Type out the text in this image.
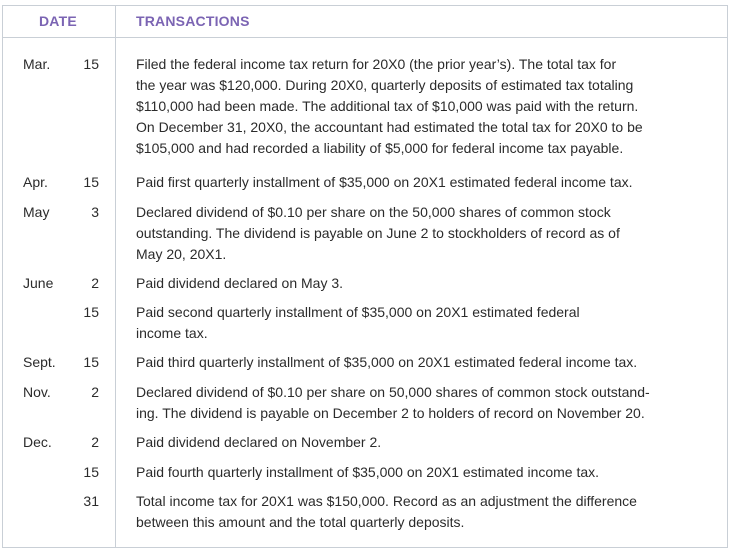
DATE	TRANSACTIONS
Mar.	15	Filed the federal income tax return for 20X0 (the prior year’s). The total tax for
the year was $120,000. During 20X0, quarterly deposits of estimated tax totaling
$110,000 had been made. The additional tax of $10,000 was paid with the return.
On December 31, 20X0, the accountant had estimated the total tax for 20X0 to be
$105,000 and had recorded a liability of $5,000 for federal income tax payable.
Apr.	15	Paid first quarterly installment of $35,000 on 20X1 estimated federal income tax.
May	3	Declared dividend of $0.10 per share on the 50,000 shares of common stock
outstanding. The dividend is payable on June 2 to stockholders of record as of
May 20, 20X1.
June	2	Paid dividend declared on May 3.
15	Paid second quarterly installment of $35,000 on 20X1 estimated federal
income tax.
Sept.	15	Paid third quarterly installment of $35,000 on 20X1 estimated federal income tax.
Nov.	2	Declared dividend of $0.10 per share on 50,000 shares of common stock outstand-
ing. The dividend is payable on December 2 to holders of record on November 20.
Dec.	2	Paid dividend declared on November 2.
15	Paid fourth quarterly installment of $35,000 on 20X1 estimated income tax.
31	Total income tax for 20X1 was $150,000. Record as an adjustment the difference
between this amount and the total quarterly deposits.
